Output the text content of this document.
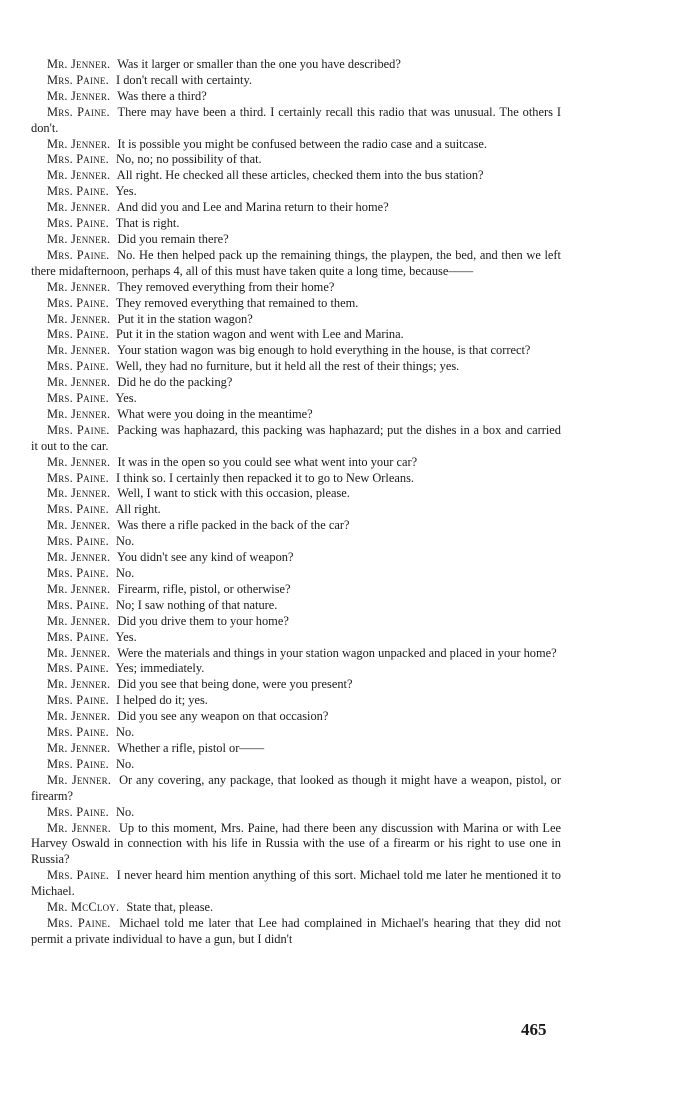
Mr. Jenner. Was it larger or smaller than the one you have described?

Mrs. Paine. I don't recall with certainty.

Mr. Jenner. Was there a third?

Mrs. Paine. There may have been a third. I certainly recall this radio that was unusual. The others I don't.

Mr. Jenner. It is possible you might be confused between the radio case and a suitcase.

Mrs. Paine. No, no; no possibility of that.

Mr. Jenner. All right. He checked all these articles, checked them into the bus station?

Mrs. Paine. Yes.

Mr. Jenner. And did you and Lee and Marina return to their home?

Mrs. Paine. That is right.

Mr. Jenner. Did you remain there?

Mrs. Paine. No. He then helped pack up the remaining things, the playpen, the bed, and then we left there midafternoon, perhaps 4, all of this must have taken quite a long time, because——

Mr. Jenner. They removed everything from their home?

Mrs. Paine. They removed everything that remained to them.

Mr. Jenner. Put it in the station wagon?

Mrs. Paine. Put it in the station wagon and went with Lee and Marina.

Mr. Jenner. Your station wagon was big enough to hold everything in the house, is that correct?

Mrs. Paine. Well, they had no furniture, but it held all the rest of their things; yes.

Mr. Jenner. Did he do the packing?

Mrs. Paine. Yes.

Mr. Jenner. What were you doing in the meantime?

Mrs. Paine. Packing was haphazard, this packing was haphazard; put the dishes in a box and carried it out to the car.

Mr. Jenner. It was in the open so you could see what went into your car?

Mrs. Paine. I think so. I certainly then repacked it to go to New Orleans.

Mr. Jenner. Well, I want to stick with this occasion, please.

Mrs. Paine. All right.

Mr. Jenner. Was there a rifle packed in the back of the car?

Mrs. Paine. No.

Mr. Jenner. You didn't see any kind of weapon?

Mrs. Paine. No.

Mr. Jenner. Firearm, rifle, pistol, or otherwise?

Mrs. Paine. No; I saw nothing of that nature.

Mr. Jenner. Did you drive them to your home?

Mrs. Paine. Yes.

Mr. Jenner. Were the materials and things in your station wagon unpacked and placed in your home?

Mrs. Paine. Yes; immediately.

Mr. Jenner. Did you see that being done, were you present?

Mrs. Paine. I helped do it; yes.

Mr. Jenner. Did you see any weapon on that occasion?

Mrs. Paine. No.

Mr. Jenner. Whether a rifle, pistol or——

Mrs. Paine. No.

Mr. Jenner. Or any covering, any package, that looked as though it might have a weapon, pistol, or firearm?

Mrs. Paine. No.

Mr. Jenner. Up to this moment, Mrs. Paine, had there been any discussion with Marina or with Lee Harvey Oswald in connection with his life in Russia with the use of a firearm or his right to use one in Russia?

Mrs. Paine. I never heard him mention anything of this sort. Michael told me later he mentioned it to Michael.

Mr. McCloy. State that, please.

Mrs. Paine. Michael told me later that Lee had complained in Michael's hearing that they did not permit a private individual to have a gun, but I didn't

465
